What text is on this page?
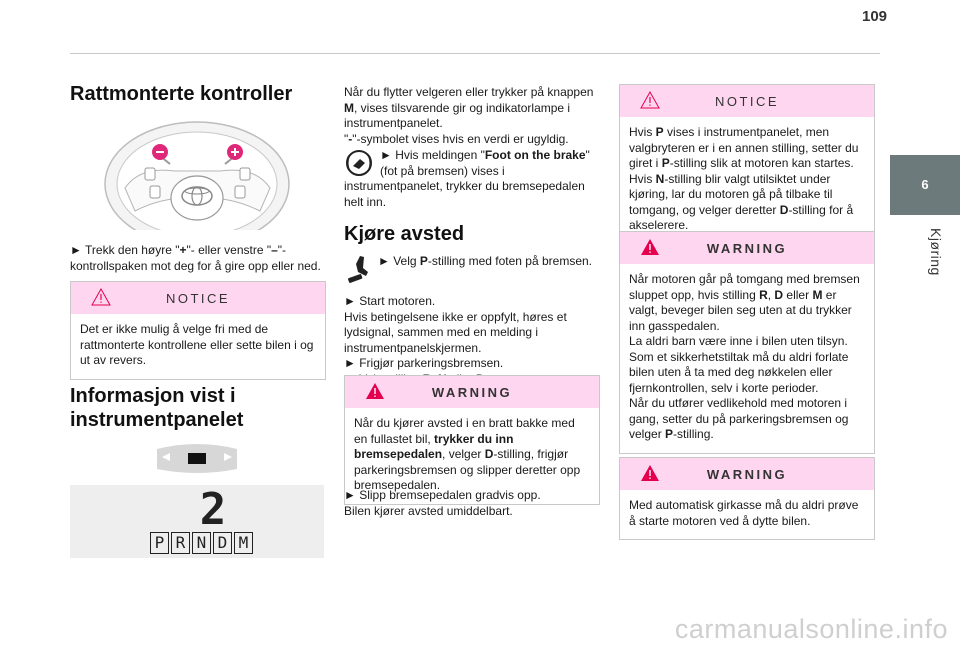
109
6
Kjøring
Rattmonterte kontroller

► Trekk den høyre "+"- eller venstre "–"-kontrollspaken mot deg for å gire opp eller ned.

NOTICE
Det er ikke mulig å velge fri med de rattmonterte kontrollene eller sette bilen i og ut av revers.
Informasjon vist i instrumentpanelet
2
P R N D M

Når du flytter velgeren eller trykker på knappen M, vises tilsvarende gir og indikatorlampe i instrumentpanelet.

"-"-symbolet vises hvis en verdi er ugyldig.

► Hvis meldingen "Foot on the brake" (fot på bremsen) vises i instrumentpanelet, trykker du bremsepedalen helt inn.

Kjøre avsted

► Velg P-stilling med foten på bremsen.

► Start motoren.

Hvis betingelsene ikke er oppfylt, høres et lydsignal, sammen med en melding i instrumentpanelskjermen.

► Frigjør parkeringsbremsen.

WARNING
Når du kjører avsted i en bratt bakke med en fullastet bil, trykker du inn bremsepedalen, velger D-stilling, frigjør parkeringsbremsen og slipper deretter opp bremsepedalen.

► Slipp bremsepedalen gradvis opp.

Bilen kjører avsted umiddelbart.

NOTICE
Hvis P vises i instrumentpanelet, men valgbryteren er i en annen stilling, setter du giret i P-stilling slik at motoren kan startes.
Hvis N-stilling blir valgt utilsiktet under kjøring, lar du motoren gå på tilbake til tomgang, og velger deretter D-stilling for å akselerere.
WARNING
Når motoren går på tomgang med bremsen sluppet opp, hvis stilling R, D eller M er valgt, beveger bilen seg uten at du trykker inn gasspedalen.
La aldri barn være inne i bilen uten tilsyn.
Som et sikkerhetstiltak må du aldri forlate bilen uten å ta med deg nøkkelen eller fjernkontrollen, selv i korte perioder.
Når du utfører vedlikehold med motoren i gang, setter du på parkeringsbremsen og velger P-stilling.
WARNING
Med automatisk girkasse må du aldri prøve å starte motoren ved å dytte bilen.
carmanualsonline.info
